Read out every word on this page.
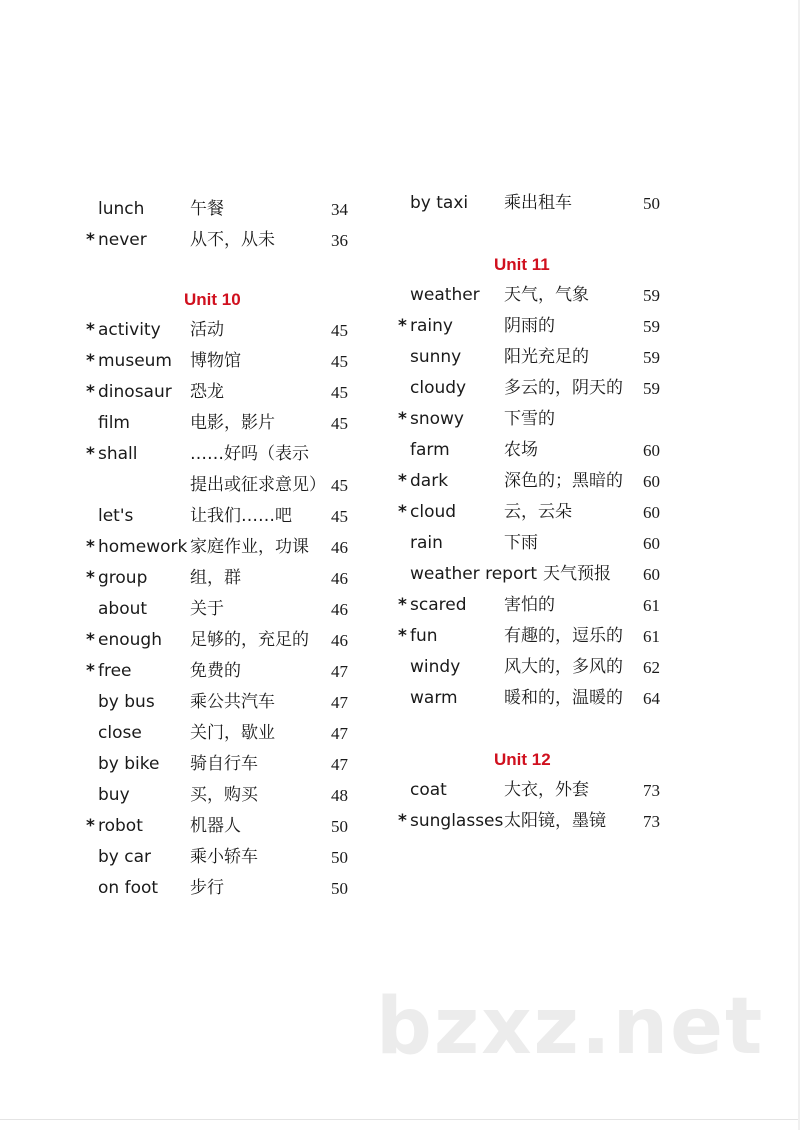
lunch	午餐	34
* never	从不，从未	36
Unit 10
* activity 活动	45
* museum 博物馆	45
* dinosaur 恐龙	45
film	电影，影片	45
* shall	……好吗（表示
提出或征求意见） 45
let's	让我们……吧	45
* homework 家庭作业，功课	46
* group	组，群	46
about	关于	46
* enough 足够的，充足的	46
* free	免费的	47
by bus 乘公共汽车	47
close	关门，歇业	47
by bike 骑自行车	47
buy	买，购买	48
* robot	机器人	50
by car 乘小轿车	50
on foot 步行	50
by taxi 乘出租车	50
Unit 11
weather 天气，气象	59
* rainy	阴雨的	59
sunny	阳光充足的	59
cloudy 多云的，阴天的	59
* snowy 下雪的
farm	农场	60
* dark	深色的；黑暗的	60
* cloud	云，云朵	60
rain	下雨	60
weather report 天气预报	60
* scared 害怕的	61
* fun	有趣的，逗乐的	61
windy	风大的，多风的	62
warm	暖和的，温暖的	64
Unit 12
coat	大衣，外套	73
* sunglasses 太阳镜，墨镜	73
bzxz.net
